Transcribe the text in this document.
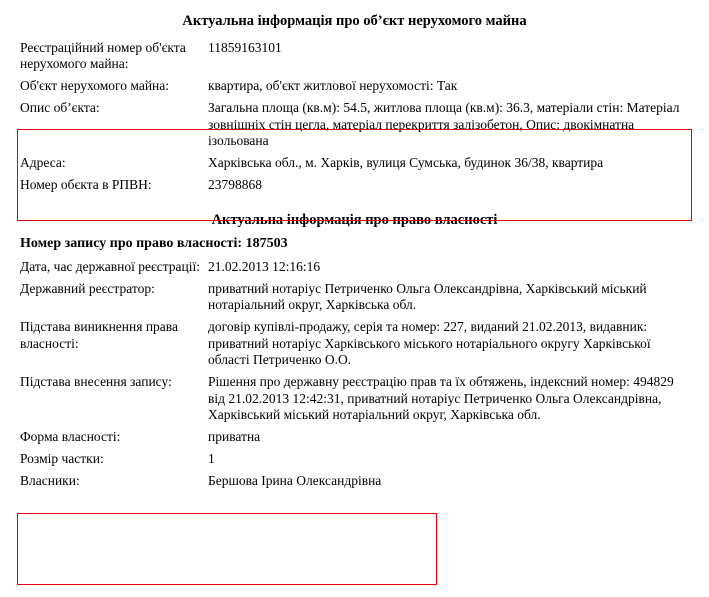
Актуальна інформація про об’єкт нерухомого майна
Реєстраційний номер об'єкта нерухомого майна:	11859163101
Об'єкт нерухомого майна:	квартира, об'єкт житлової нерухомості: Так
Опис об’єкта:	Загальна площа (кв.м): 54.5, житлова площа (кв.м): 36.3, матеріали стін: Матеріал зовнішніх стін цегла, матеріал перекриття залізобетон, Опис: двокімнатна ізольована
Адреса:	Харківська обл., м. Харків, вулиця Сумська, будинок 36/38, квартира
Номер обєкта в РПВН:	23798868
Актуальна інформація про право власності
Номер запису про право власності: 187503
Дата, час державної реєстрації:	21.02.2013 12:16:16
Державний реєстратор:	приватний нотаріус Петриченко Ольга Олександрівна, Харківський міський нотаріальний округ, Харківська обл.
Підстава виникнення права власності:	договір купівлі-продажу, серія та номер: 227, виданий 21.02.2013, видавник: приватний нотаріус Харківського міського нотаріального округу Харківської області Петриченко О.О.
Підстава внесення запису:	Рішення про державну реєстрацію прав та їх обтяжень, індексний номер: 494829 від 21.02.2013 12:42:31, приватний нотаріус Петриченко Ольга Олександрівна, Харківський міський нотаріальний округ, Харківська обл.
Форма власності:	приватна
Розмір частки:	1
Власники:	Бершова Ірина Олександрівна
